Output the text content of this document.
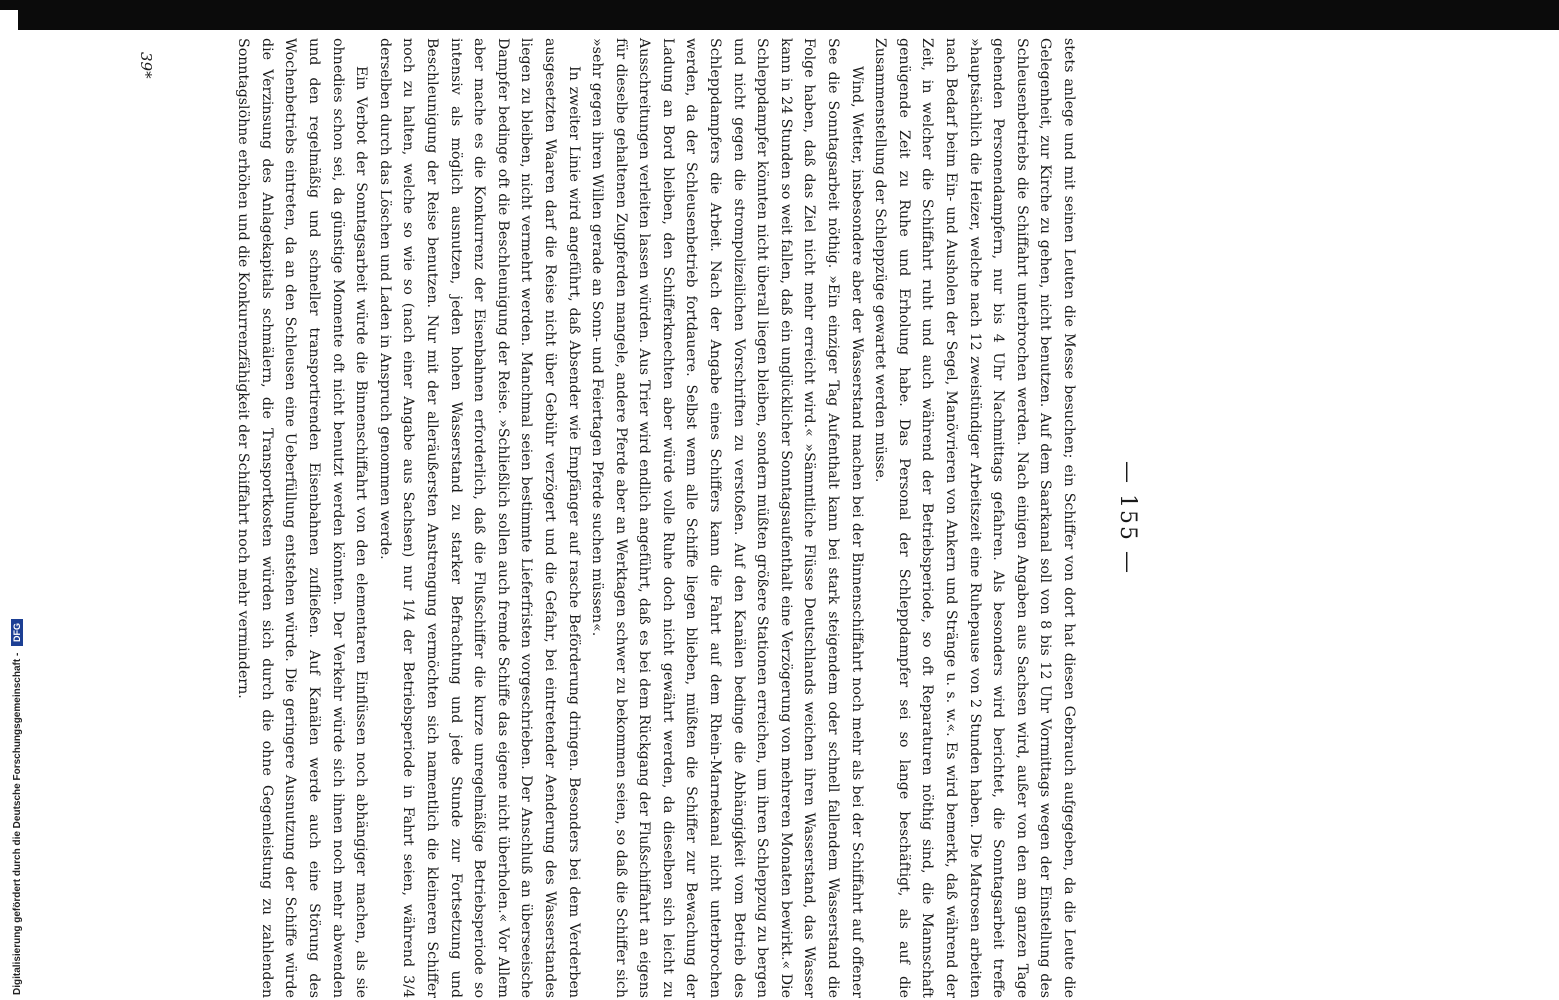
Digitalisierung gefördert durch die Deutsche Forschungsgemeinschaft - DFG
— 155 —

stets anlege und mit seinen Leuten die Messe besuchen; ein Schiffer von dort hat diesen Gebrauch aufgegeben, da die Leute die Gelegenheit, zur Kirche zu gehen, nicht benutzen. Auf dem Saarkanal soll von 8 bis 12 Uhr Vormittags wegen der Einstellung des Schleusenbetriebs die Schiffahrt unterbrochen werden. Nach einigen Angaben aus Sachsen wird, außer von den am ganzen Tage gehenden Personendampfern, nur bis 4 Uhr Nachmittags gefahren. Als besonders wird berichtet, die Sonntagsarbeit treffe »hauptsächlich die Heizer, welche nach 12 zweistündiger Arbeitszeit eine Ruhepause von 2 Stunden haben. Die Matrosen arbeiten nach Bedarf beim Ein- und Ausholen der Segel, Manövrieren von Ankern und Stränge u. s. w.«. Es wird bemerkt, daß während der Zeit, in welcher die Schiffahrt ruht und auch während der Betriebsperiode, so oft Reparaturen nöthig sind, die Mannschaft genügende Zeit zu Ruhe und Erholung habe. Das Personal der Schleppdampfer sei so lange beschäftigt, als auf die Zusammenstellung der Schleppzüge gewartet werden müsse.

Wind, Wetter, insbesondere aber der Wasserstand machen bei der Binnenschiffahrt noch mehr als bei der Schiffahrt auf offener See die Sonntagsarbeit nöthig. »Ein einziger Tag Aufenthalt kann bei stark steigendem oder schnell fallendem Wasserstand die Folge haben, daß das Ziel nicht mehr erreicht wird.« »Sämmtliche Flüsse Deutschlands weichen ihren Wasserstand, das Wasser kann in 24 Stunden so weit fallen, daß ein unglücklicher Sonntagsaufenthalt eine Verzögerung von mehreren Monaten bewirkt.« Die Schleppdampfer könnten nicht überall liegen bleiben, sondern müßten größere Stationen erreichen, um ihren Schleppzug zu bergen und nicht gegen die strompolizeilichen Vorschriften zu verstoßen. Auf den Kanälen bedinge die Abhängigkeit vom Betrieb des Schleppdampfers die Arbeit. Nach der Angabe eines Schiffers kann die Fahrt auf dem Rhein-Marnekanal nicht unterbrochen werden, da der Schleusenbetrieb fortdauere. Selbst wenn alle Schiffe liegen blieben, müßten die Schiffer zur Bewachung der Ladung an Bord bleiben, den Schifferknechten aber würde volle Ruhe doch nicht gewährt werden, da dieselben sich leicht zu Ausschreitungen verleiten lassen würden. Aus Trier wird endlich angeführt, daß es bei dem Rückgang der Flußschiffahrt an eigens für dieselbe gehaltenen Zugpferden mangele, andere Pferde aber an Werktagen schwer zu bekommen seien, so daß die Schiffer sich »sehr gegen ihren Willen gerade an Sonn- und Feiertagen Pferde suchen müssen«.

In zweiter Linie wird angeführt, daß Absender wie Empfänger auf rasche Beförderung dringen. Besonders bei dem Verderben ausgesetzten Waaren darf die Reise nicht über Gebühr verzögert und die Gefahr, bei eintretender Aenderung des Wasserstandes liegen zu bleiben, nicht vermehrt werden. Manchmal seien bestimmte Lieferfristen vorgeschrieben. Der Anschluß an überseeische Dampfer bedinge oft die Beschleunigung der Reise. »Schließlich sollen auch fremde Schiffe das eigene nicht überholen.« Vor Allem aber mache es die Konkurrenz der Eisenbahnen erforderlich, daß die Flußschiffer die kurze unregelmäßige Betriebsperiode so intensiv als möglich ausnutzen, jeden hohen Wasserstand zu starker Befrachtung und jede Stunde zur Fortsetzung und Beschleunigung der Reise benutzen. Nur mit der alleräußersten Anstrengung vermöchten sich namentlich die kleineren Schiffer noch zu halten, welche so wie so (nach einer Angabe aus Sachsen) nur 1/4 der Betriebsperiode in Fahrt seien, während 3/4 derselben durch das Löschen und Laden in Anspruch genommen werde.

Ein Verbot der Sonntagsarbeit würde die Binnenschiffahrt von den elementaren Einflüssen noch abhängiger machen, als sie ohnedies schon sei, da günstige Momente oft nicht benutzt werden könnten. Der Verkehr würde sich ihnen noch mehr abwenden und den regelmäßig und schneller transportirenden Eisenbahnen zufließen. Auf Kanälen werde auch eine Störung des Wochenbetriebs eintreten, da an den Schleusen eine Ueberfüllung entstehen würde. Die geringere Ausnutzung der Schiffe würde die Verzinsung des Anlagekapitals schmälern, die Transportkosten würden sich durch die ohne Gegenleistung zu zahlenden Sonntagslöhne erhöhen und die Konkurrenzfähigkeit der Schiffahrt noch mehr vermindern.

39*
